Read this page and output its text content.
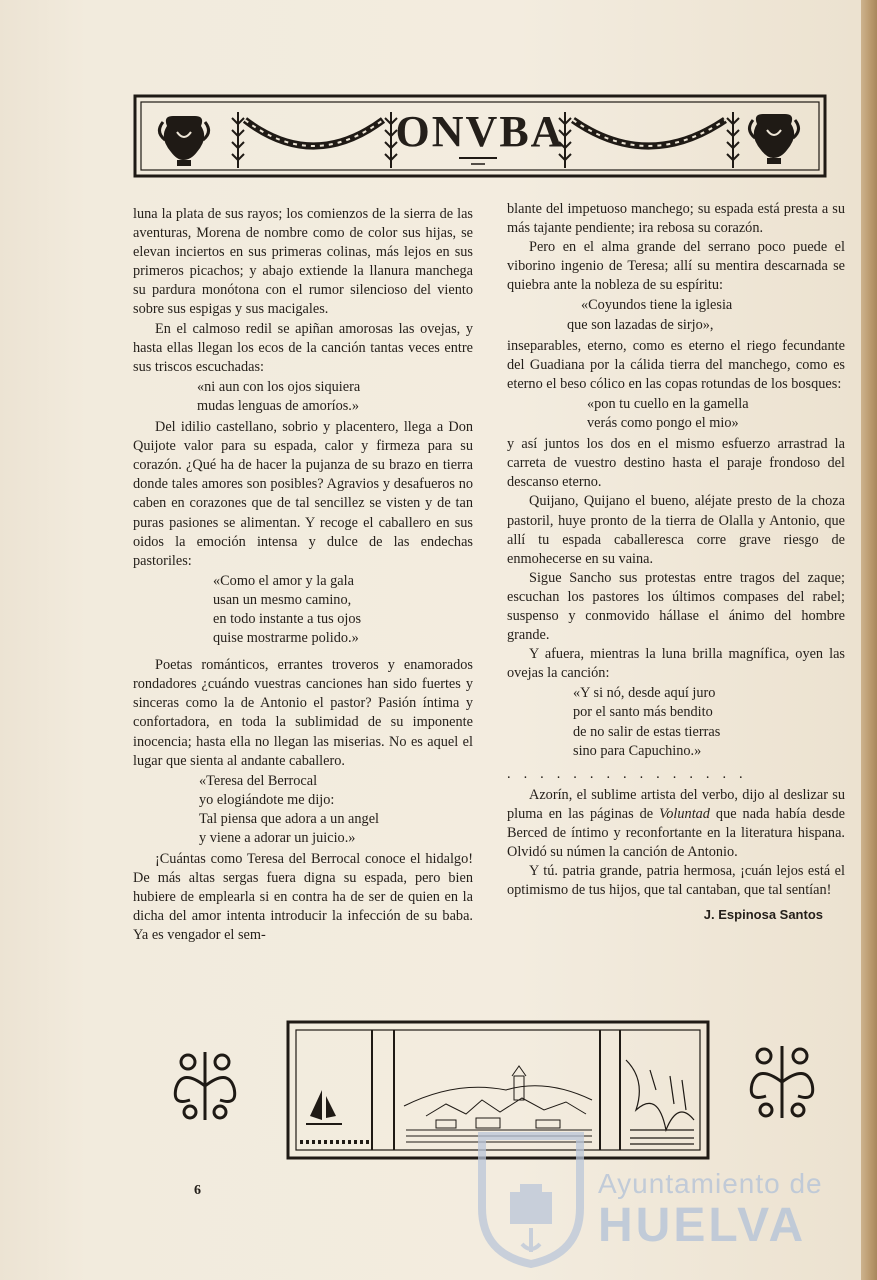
ONVBA

luna la plata de sus rayos; los comienzos de la sierra de las aventuras, Morena de nombre como de color sus hijas, se elevan inciertos en sus primeras colinas, más lejos en sus primeros picachos; y abajo extiende la llanura manchega su pardura monótona con el rumor silencioso del viento sobre sus espigas y sus macigales.

En el calmoso redil se apiñan amorosas las ovejas, y hasta ellas llegan los ecos de la canción tantas veces entre sus triscos escuchadas:

«ni aun con los ojos siquiera
mudas lenguas de amoríos.»

Del idilio castellano, sobrio y placentero, llega a Don Quijote valor para su espada, calor y firmeza para su corazón. ¿Qué ha de hacer la pujanza de su brazo en tierra donde tales amores son posibles? Agravios y desafueros no caben en corazones que de tal sencillez se visten y de tan puras pasiones se alimentan. Y recoge el caballero en sus oidos la emoción intensa y dulce de las endechas pastoriles:

«Como el amor y la gala
usan un mesmo camino,
en todo instante a tus ojos
quise mostrarme polido.»

Poetas románticos, errantes troveros y enamorados rondadores ¿cuándo vuestras canciones han sido fuertes y sinceras como la de Antonio el pastor? Pasión íntima y confortadora, en toda la sublimidad de su imponente inocencia; hasta ella no llegan las miserias. No es aquel el lugar que sienta al andante caballero.

«Teresa del Berrocal
yo elogiándote me dijo:
Tal piensa que adora a un angel
y viene a adorar un juicio.»

¡Cuántas como Teresa del Berrocal conoce el hidalgo! De más altas sergas fuera digna su espada, pero bien hubiere de emplearla si en contra ha de ser de quien en la dicha del amor intenta introducir la infección de su baba. Ya es vengador el sem-

blante del impetuoso manchego; su espada está presta a su más tajante pendiente; ira rebosa su corazón.

Pero en el alma grande del serrano poco puede el viborino ingenio de Teresa; allí su mentira descarnada se quiebra ante la nobleza de su espíritu:

«Coyundos tiene la iglesia
que son lazadas de sirjo»,

inseparables, eterno, como es eterno el riego fecundante del Guadiana por la cálida tierra del manchego, como es eterno el beso cólico en las copas rotundas de los bosques:

«pon tu cuello en la gamella
verás como pongo el mio»

y así juntos los dos en el mismo esfuerzo arrastrad la carreta de vuestro destino hasta el paraje frondoso del descanso eterno.

Quijano, Quijano el bueno, aléjate presto de la choza pastoril, huye pronto de la tierra de Olalla y Antonio, que allí tu espada caballeresca corre grave riesgo de enmohecerse en su vaina.

Sigue Sancho sus protestas entre tragos del zaque; escuchan los pastores los últimos compases del rabel; suspenso y conmovido hállase el ánimo del hombre grande.

Y afuera, mientras la luna brilla magnífica, oyen las ovejas la canción:

«Y si nó, desde aquí juro
por el santo más bendito
de no salir de estas tierras
sino para Capuchino.»
...............

Azorín, el sublime artista del verbo, dijo al deslizar su pluma en las páginas de Voluntad que nada había desde Berced de íntimo y reconfortante en la literatura hispana. Olvidó su númen la canción de Antonio.

Y tú. patria grande, patria hermosa, ¡cuán lejos está el optimismo de tus hijos, que tal cantaban, que tal sentían!

J. Espinosa Santos
6	Ayuntamiento de
HUELVA
